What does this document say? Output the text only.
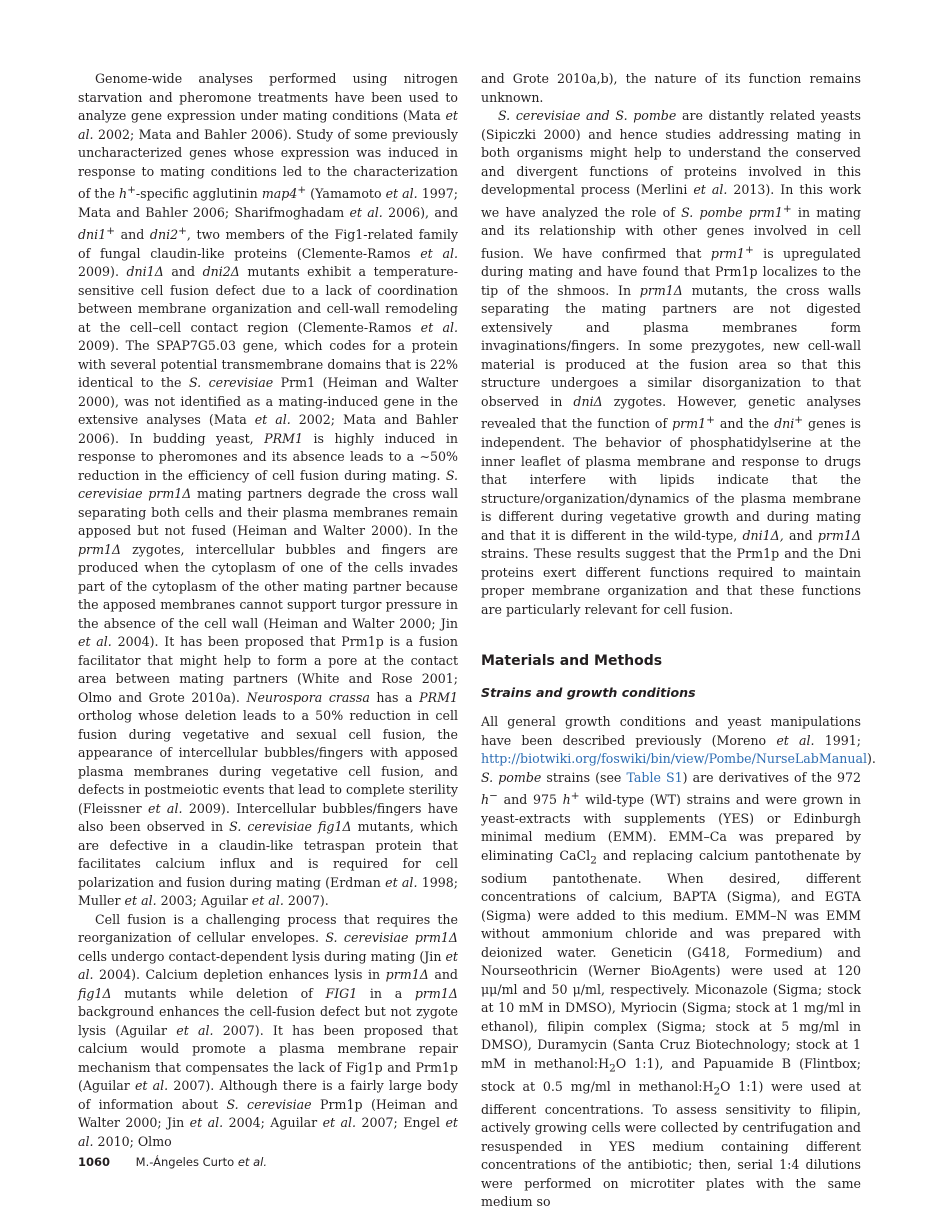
Genome-wide analyses performed using nitrogen starvation and pheromone treatments have been used to analyze gene expression under mating conditions (Mata et al. 2002; Mata and Bahler 2006). Study of some previously uncharacterized genes whose expression was induced in response to mating conditions led to the characterization of the h+-specific agglutinin map4+ (Yamamoto et al. 1997; Mata and Bahler 2006; Sharifmoghadam et al. 2006), and dni1+ and dni2+, two members of the Fig1-related family of fungal claudin-like proteins (Clemente-Ramos et al. 2009). dni1Δ and dni2Δ mutants exhibit a temperature-sensitive cell fusion defect due to a lack of coordination between membrane organization and cell-wall remodeling at the cell–cell contact region (Clemente-Ramos et al. 2009). The SPAP7G5.03 gene, which codes for a protein with several potential transmembrane domains that is 22% identical to the S. cerevisiae Prm1 (Heiman and Walter 2000), was not identified as a mating-induced gene in the extensive analyses (Mata et al. 2002; Mata and Bahler 2006). In budding yeast, PRM1 is highly induced in response to pheromones and its absence leads to a ∼50% reduction in the efficiency of cell fusion during mating. S. cerevisiae prm1Δ mating partners degrade the cross wall separating both cells and their plasma membranes remain apposed but not fused (Heiman and Walter 2000). In the prm1Δ zygotes, intercellular bubbles and fingers are produced when the cytoplasm of one of the cells invades part of the cytoplasm of the other mating partner because the apposed membranes cannot support turgor pressure in the absence of the cell wall (Heiman and Walter 2000; Jin et al. 2004). It has been proposed that Prm1p is a fusion facilitator that might help to form a pore at the contact area between mating partners (White and Rose 2001; Olmo and Grote 2010a). Neurospora crassa has a PRM1 ortholog whose deletion leads to a 50% reduction in cell fusion during vegetative and sexual cell fusion, the appearance of intercellular bubbles/fingers with apposed plasma membranes during vegetative cell fusion, and defects in postmeiotic events that lead to complete sterility (Fleissner et al. 2009). Intercellular bubbles/fingers have also been observed in S. cerevisiae fig1Δ mutants, which are defective in a claudin-like tetraspan protein that facilitates calcium influx and is required for cell polarization and fusion during mating (Erdman et al. 1998; Muller et al. 2003; Aguilar et al. 2007).

Cell fusion is a challenging process that requires the reorganization of cellular envelopes. S. cerevisiae prm1Δ cells undergo contact-dependent lysis during mating (Jin et al. 2004). Calcium depletion enhances lysis in prm1Δ and fig1Δ mutants while deletion of FIG1 in a prm1Δ background enhances the cell-fusion defect but not zygote lysis (Aguilar et al. 2007). It has been proposed that calcium would promote a plasma membrane repair mechanism that compensates the lack of Fig1p and Prm1p (Aguilar et al. 2007). Although there is a fairly large body of information about S. cerevisiae Prm1p (Heiman and Walter 2000; Jin et al. 2004; Aguilar et al. 2007; Engel et al. 2010; Olmo

and Grote 2010a,b), the nature of its function remains unknown.

S. cerevisiae and S. pombe are distantly related yeasts (Sipiczki 2000) and hence studies addressing mating in both organisms might help to understand the conserved and divergent functions of proteins involved in this developmental process (Merlini et al. 2013). In this work we have analyzed the role of S. pombe prm1+ in mating and its relationship with other genes involved in cell fusion. We have confirmed that prm1+ is upregulated during mating and have found that Prm1p localizes to the tip of the shmoos. In prm1Δ mutants, the cross walls separating the mating partners are not digested extensively and plasma membranes form invaginations/fingers. In some prezygotes, new cell-wall material is produced at the fusion area so that this structure undergoes a similar disorganization to that observed in dniΔ zygotes. However, genetic analyses revealed that the function of prm1+ and the dni+ genes is independent. The behavior of phosphatidylserine at the inner leaflet of plasma membrane and response to drugs that interfere with lipids indicate that the structure/organization/dynamics of the plasma membrane is different during vegetative growth and during mating and that it is different in the wild-type, dni1Δ, and prm1Δ strains. These results suggest that the Prm1p and the Dni proteins exert different functions required to maintain proper membrane organization and that these functions are particularly relevant for cell fusion.

Materials and Methods
Strains and growth conditions

All general growth conditions and yeast manipulations have been described previously (Moreno et al. 1991; http://biotwiki.org/foswiki/bin/view/Pombe/NurseLabManual). S. pombe strains (see Table S1) are derivatives of the 972 h− and 975 h+ wild-type (WT) strains and were grown in yeast-extracts with supplements (YES) or Edinburgh minimal medium (EMM). EMM–Ca was prepared by eliminating CaCl$_2$ and replacing calcium pantothenate by sodium pantothenate. When desired, different concentrations of calcium, BAPTA (Sigma), and EGTA (Sigma) were added to this medium. EMM–N was EMM without ammonium chloride and was prepared with deionized water. Geneticin (G418, Formedium) and Nourseothricin (Werner BioAgents) were used at 120 μμ/ml and 50 μ/ml, respectively. Miconazole (Sigma; stock at 10 mM in DMSO), Myriocin (Sigma; stock at 1 mg/ml in ethanol), filipin complex (Sigma; stock at 5 mg/ml in DMSO), Duramycin (Santa Cruz Biotechnology; stock at 1 mM in $methanol:H_2O$ 1:1), and Papuamide B (Flintbox; stock at 0.5 mg/ml in $methanol:H_2O$ 1:1) were used at different concentrations. To assess sensitivity to filipin, actively growing cells were collected by centrifugation and resuspended in YES medium containing different concentrations of the antibiotic; then, serial 1:4 dilutions were performed on microtiter plates with the same medium so

1060 M.-Ángeles Curto et al.
